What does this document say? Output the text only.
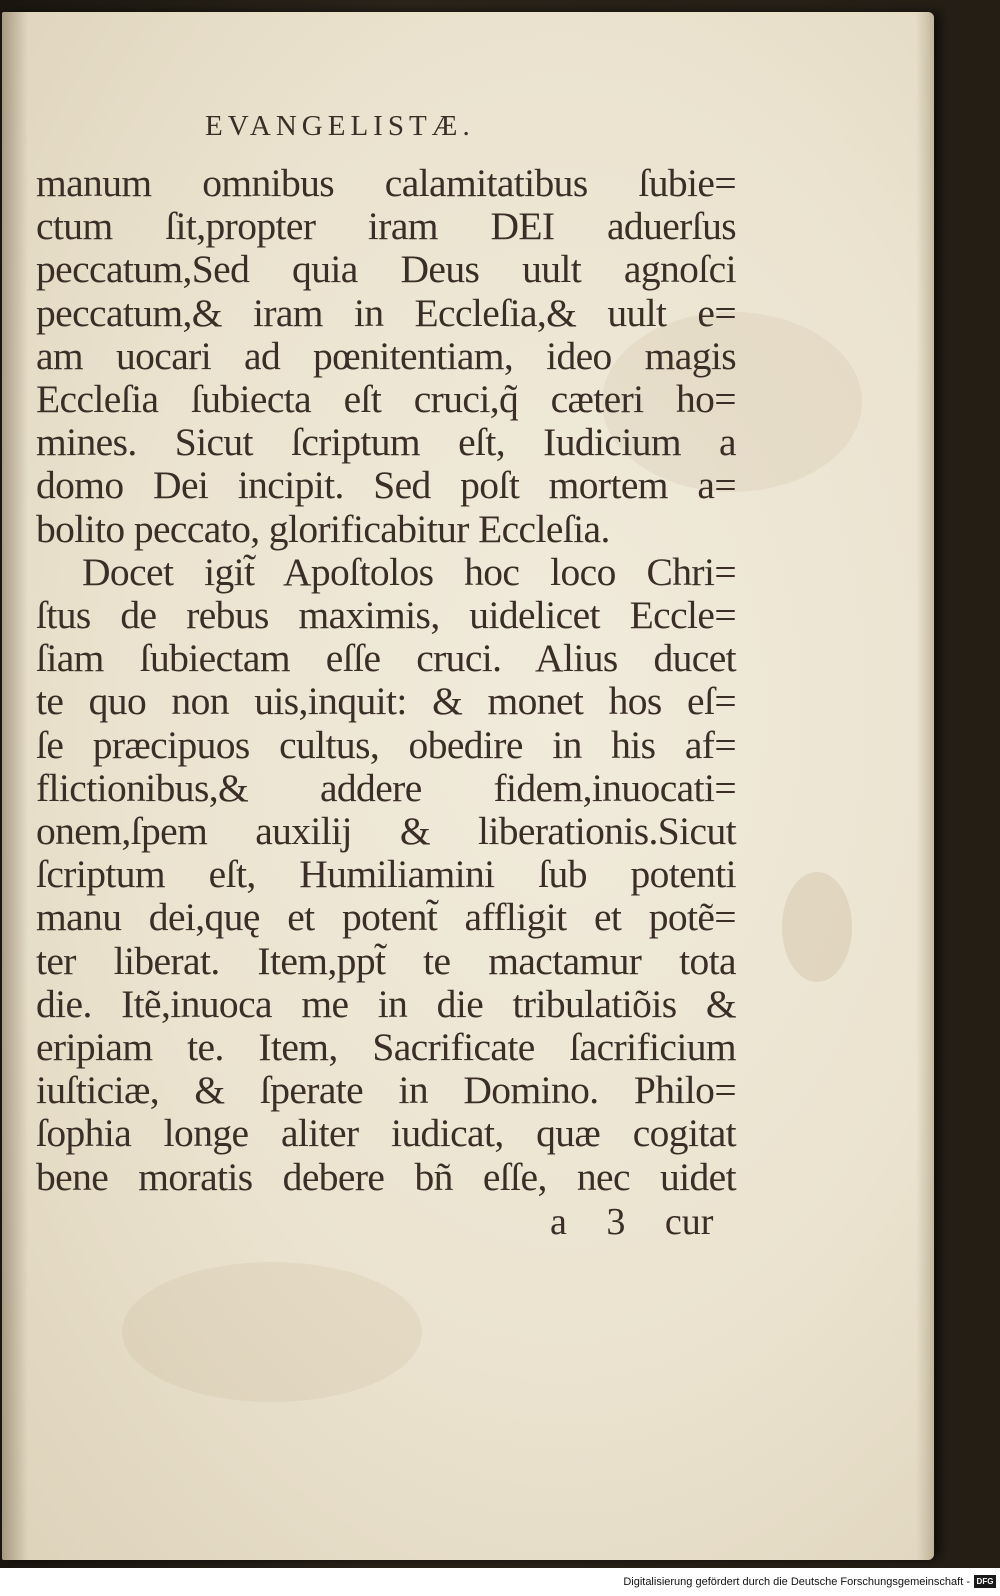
EVANGELISTÆ.
manum omnibus calamitatibus ſubie=
ctum ſit,propter iram DEI aduerſus
peccatum,Sed quia Deus uult agnoſci
peccatum,& iram in Eccleſia,& uult e=
am uocari ad pœnitentiam, ideo magis
Eccleſia ſubiecta eſt cruci,q̃ cæteri ho=
mines. Sicut ſcriptum eſt, Iudicium a
domo Dei incipit. Sed poſt mortem a=
bolito peccato, glorificabitur Eccleſia.
Docet igit̃ Apoſtolos hoc loco Chri=
ſtus de rebus maximis, uidelicet Eccle=
ſiam ſubiectam eſſe cruci. Alius ducet
te quo non uis,inquit: & monet hos eſ=
ſe præcipuos cultus, obedire in his af=
flictionibus,& addere fidem,inuocati=
onem,ſpem auxilij & liberationis.Sicut
ſcriptum eſt, Humiliamini ſub potenti
manu dei,quę et potent̃ affligit et potẽ=
ter liberat. Item,ppt̃ te mactamur tota
die. Itẽ,inuoca me in die tribulatiõis &
eripiam te. Item, Sacrificate ſacrificium
iuſticiæ, & ſperate in Domino. Philo=
ſophia longe aliter iudicat, quæ cogitat
bene moratis debere bñ eſſe, nec uidet
a 3 cur
Digitalisierung gefördert durch die Deutsche Forschungsgemeinschaft - DFG
